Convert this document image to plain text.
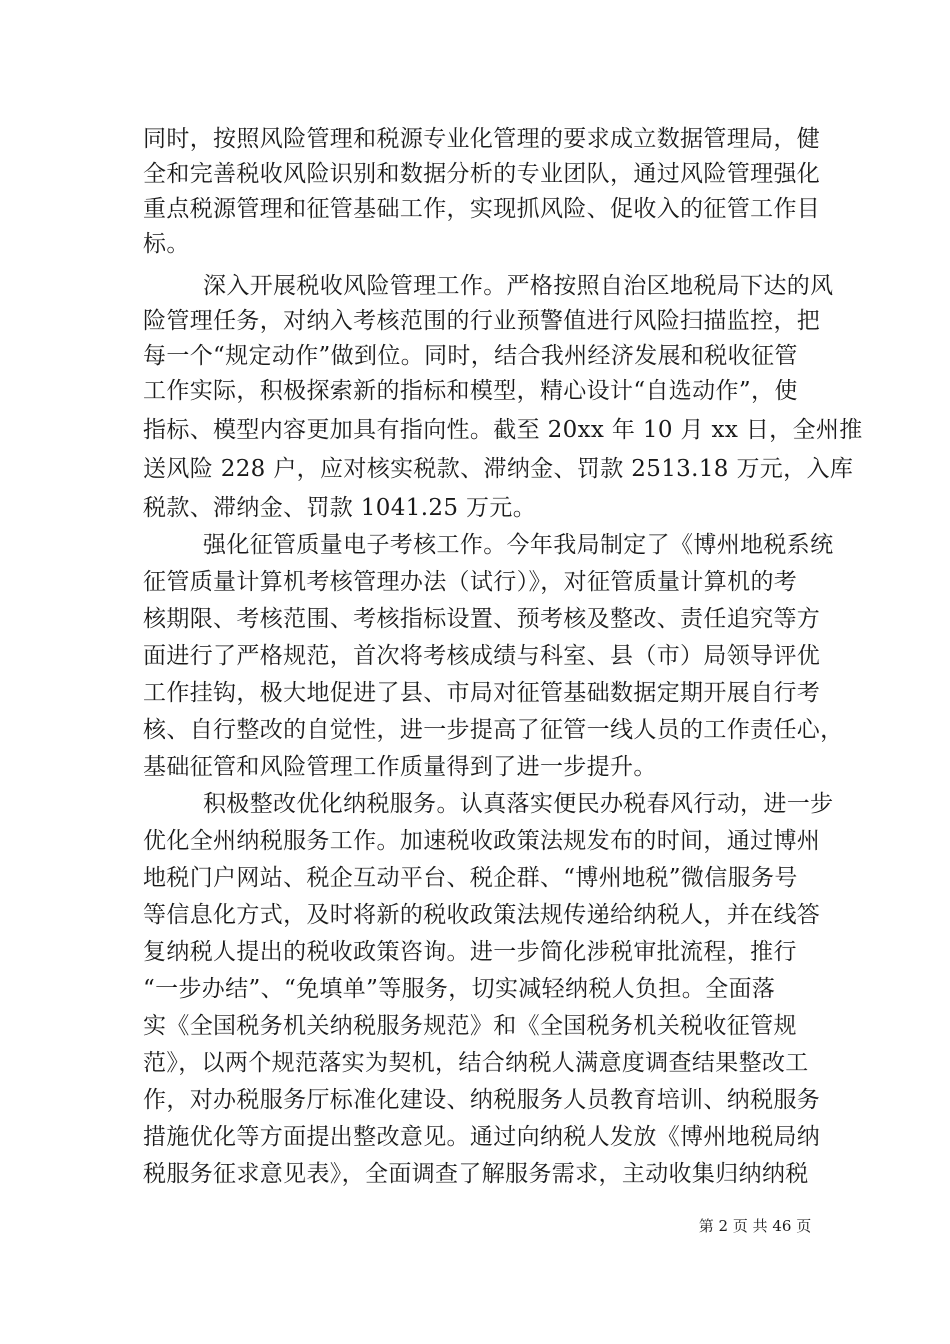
同时，按照风险管理和税源专业化管理的要求成立数据管理局，健
全和完善税收风险识别和数据分析的专业团队，通过风险管理强化
重点税源管理和征管基础工作，实现抓风险、促收入的征管工作目
标。
深入开展税收风险管理工作。严格按照自治区地税局下达的风
险管理任务，对纳入考核范围的行业预警值进行风险扫描监控，把
每一个“规定动作”做到位。同时，结合我州经济发展和税收征管
工作实际，积极探索新的指标和模型，精心设计“自选动作”，使
指标、模型内容更加具有指向性。截至 20xx 年 10 月 xx 日，全州推
送风险 228 户，应对核实税款、滞纳金、罚款 2513.18 万元，入库
税款、滞纳金、罚款 1041.25 万元。
强化征管质量电子考核工作。今年我局制定了《博州地税系统
征管质量计算机考核管理办法（试行）》，对征管质量计算机的考
核期限、考核范围、考核指标设置、预考核及整改、责任追究等方
面进行了严格规范，首次将考核成绩与科室、县（市）局领导评优
工作挂钩，极大地促进了县、市局对征管基础数据定期开展自行考
核、自行整改的自觉性，进一步提高了征管一线人员的工作责任心，
基础征管和风险管理工作质量得到了进一步提升。
积极整改优化纳税服务。认真落实便民办税春风行动，进一步
优化全州纳税服务工作。加速税收政策法规发布的时间，通过博州
地税门户网站、税企互动平台、税企群、“博州地税”微信服务号
等信息化方式，及时将新的税收政策法规传递给纳税人，并在线答
复纳税人提出的税收政策咨询。进一步简化涉税审批流程，推行
“一步办结”、“免填单”等服务，切实减轻纳税人负担。全面落
实《全国税务机关纳税服务规范》和《全国税务机关税收征管规
范》，以两个规范落实为契机，结合纳税人满意度调查结果整改工
作，对办税服务厅标准化建设、纳税服务人员教育培训、纳税服务
措施优化等方面提出整改意见。通过向纳税人发放《博州地税局纳
税服务征求意见表》，全面调查了解服务需求，主动收集归纳纳税
第 2 页 共 46 页
